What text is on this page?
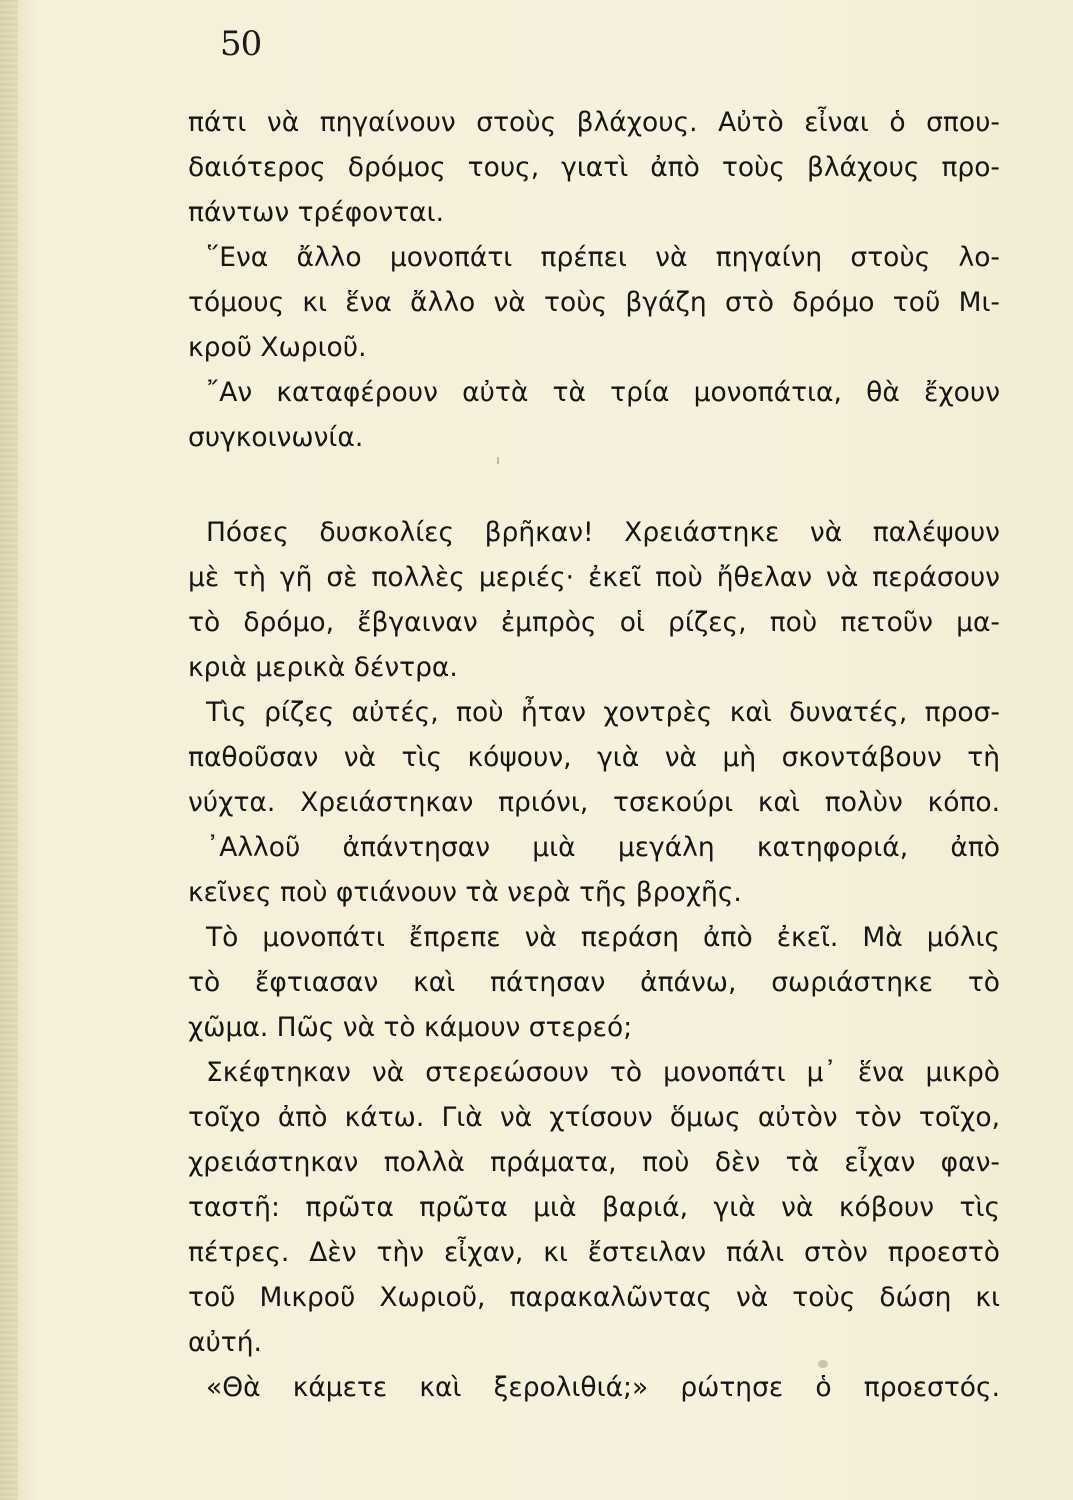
50
πάτι νὰ πηγαίνουν στοὺς βλάχους. Αὐτὸ εἶναι ὁ σπου-
δαιότερος δρόμος τους, γιατὶ ἀπὸ τοὺς βλάχους προ-
πάντων τρέφονται.
῞Ενα ἄλλο μονοπάτι πρέπει νὰ πηγαίνη στοὺς λο-
τόμους κι ἕνα ἄλλο νὰ τοὺς βγάζη στὸ δρόμο τοῦ Μι-
κροῦ Χωριοῦ.
῎Αν καταφέρουν αὐτὰ τὰ τρία μονοπάτια, θὰ ἔχουν
συγκοινωνία.
Πόσες δυσκολίες βρῆκαν! Χρειάστηκε νὰ παλέψουν
μὲ τὴ γῆ σὲ πολλὲς μεριές· ἐκεῖ ποὺ ἤθελαν νὰ περάσουν
τὸ δρόμο, ἔβγαιναν ἐμπρὸς οἱ ρίζες, ποὺ πετοῦν μα-
κριὰ μερικὰ δέντρα.
Τὶς ρίζες αὐτές, ποὺ ἦταν χοντρὲς καὶ δυνατές, προσ-
παθοῦσαν νὰ τὶς κόψουν, γιὰ νὰ μὴ σκοντάβουν τὴ
νύχτα. Χρειάστηκαν πριόνι, τσεκούρι καὶ πολὺν κόπο.
᾿Αλλοῦ ἀπάντησαν μιὰ μεγάλη κατηφοριά, ἀπὸ
κεῖνες ποὺ φτιάνουν τὰ νερὰ τῆς βροχῆς.
Τὸ μονοπάτι ἔπρεπε νὰ περάση ἀπὸ ἐκεῖ. Μὰ μόλις
τὸ ἔφτιασαν καὶ πάτησαν ἀπάνω, σωριάστηκε τὸ
χῶμα. Πῶς νὰ τὸ κάμουν στερεό;
Σκέφτηκαν νὰ στερεώσουν τὸ μονοπάτι μ᾿ ἕνα μικρὸ
τοῖχο ἀπὸ κάτω. Γιὰ νὰ χτίσουν ὅμως αὐτὸν τὸν τοῖχο,
χρειάστηκαν πολλὰ πράματα, ποὺ δὲν τὰ εἶχαν φαν-
ταστῆ: πρῶτα πρῶτα μιὰ βαριά, γιὰ νὰ κόβουν τὶς
πέτρες. Δὲν τὴν εἶχαν, κι ἔστειλαν πάλι στὸν προεστὸ
τοῦ Μικροῦ Χωριοῦ, παρακαλῶντας νὰ τοὺς δώση κι
αὐτή.
«Θὰ κάμετε καὶ ξερολιθιά;» ρώτησε ὁ προεστός.
